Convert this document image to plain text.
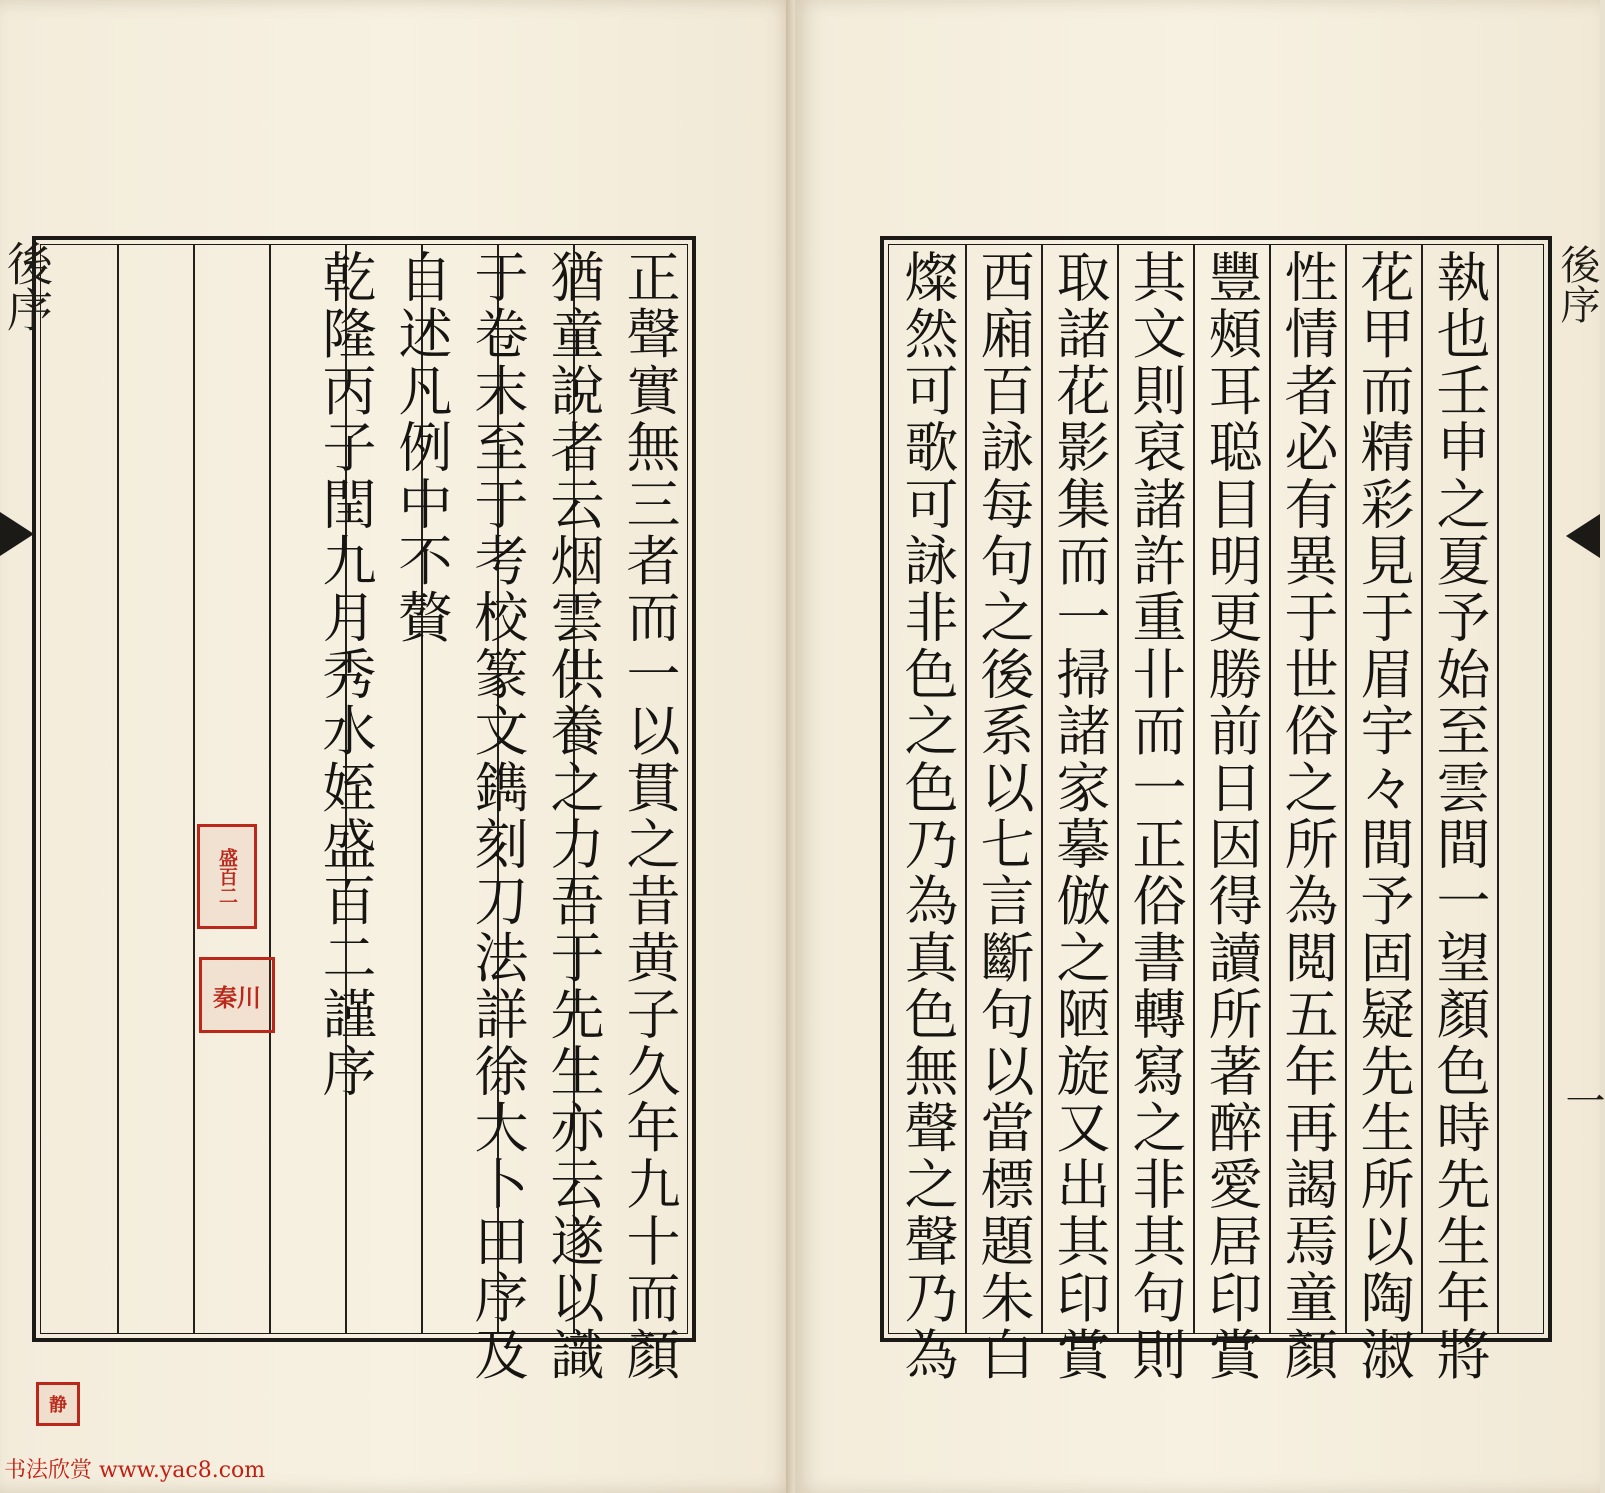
後序	正聲實無三者而一以貫之昔黄子久年九十而顏
猶童說者云烟雲供養之力吾于先生亦云遂以識
于卷末至于考校篆文鐫刻刀法詳徐大卜田序及
自述凡例中不贅
乾隆丙子閏九月秀水姪盛百二謹序
盛百二
秦川
静
书法欣赏 www.yac8.com
執也壬申之夏予始至雲間一望顏色時先生年將
花甲而精彩見于眉宇々間予固疑先生所以陶淑
性情者必有異于世俗之所為閲五年再謁焉童顏
豐頰耳聪目明更勝前日因得讀所著醉愛居印賞
其文則裒諸許重卝而一正俗書轉寫之非其句則
取諸花影集而一掃諸家摹倣之陋旋又出其印賞
西廂百詠每句之後系以七言斷句以當標題朱白
燦然可歌可詠非色之色乃為真色無聲之聲乃為	後序
一
